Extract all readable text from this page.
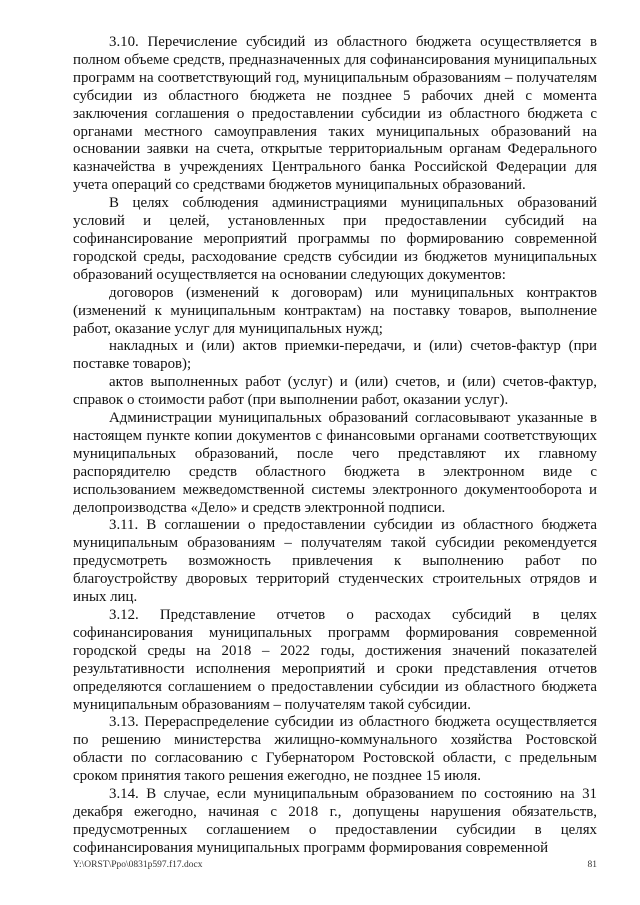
3.10. Перечисление субсидий из областного бюджета осуществляется в полном объеме средств, предназначенных для софинансирования муниципальных программ на соответствующий год, муниципальным образованиям – получателям субсидии из областного бюджета не позднее 5 рабочих дней с момента заключения соглашения о предоставлении субсидии из областного бюджета с органами местного самоуправления таких муниципальных образований на основании заявки на счета, открытые территориальным органам Федерального казначейства в учреждениях Центрального банка Российской Федерации для учета операций со средствами бюджетов муниципальных образований.

В целях соблюдения администрациями муниципальных образований условий и целей, установленных при предоставлении субсидий на софинансирование мероприятий программы по формированию современной городской среды, расходование средств субсидии из бюджетов муниципальных образований осуществляется на основании следующих документов:

договоров (изменений к договорам) или муниципальных контрактов (изменений к муниципальным контрактам) на поставку товаров, выполнение работ, оказание услуг для муниципальных нужд;

накладных и (или) актов приемки-передачи, и (или) счетов-фактур (при поставке товаров);

актов выполненных работ (услуг) и (или) счетов, и (или) счетов-фактур, справок о стоимости работ (при выполнении работ, оказании услуг).

Администрации муниципальных образований согласовывают указанные в настоящем пункте копии документов с финансовыми органами соответствующих муниципальных образований, после чего представляют их главному распорядителю средств областного бюджета в электронном виде с использованием межведомственной системы электронного документооборота и делопроизводства «Дело» и средств электронной подписи.

3.11. В соглашении о предоставлении субсидии из областного бюджета муниципальным образованиям – получателям такой субсидии рекомендуется предусмотреть возможность привлечения к выполнению работ по благоустройству дворовых территорий студенческих строительных отрядов и иных лиц.

3.12. Представление отчетов о расходах субсидий в целях софинансирования муниципальных программ формирования современной городской среды на 2018 – 2022 годы, достижения значений показателей результативности исполнения мероприятий и сроки представления отчетов определяются соглашением о предоставлении субсидии из областного бюджета муниципальным образованиям – получателям такой субсидии.

3.13. Перераспределение субсидии из областного бюджета осуществляется по решению министерства жилищно-коммунального хозяйства Ростовской области по согласованию с Губернатором Ростовской области, с предельным сроком принятия такого решения ежегодно, не позднее 15 июля.

3.14. В случае, если муниципальным образованием по состоянию на 31 декабря ежегодно, начиная с 2018 г., допущены нарушения обязательств, предусмотренных соглашением о предоставлении субсидии в целях софинансирования муниципальных программ формирования современной

Y:\ORST\Ppo\0831p597.f17.docx	81
